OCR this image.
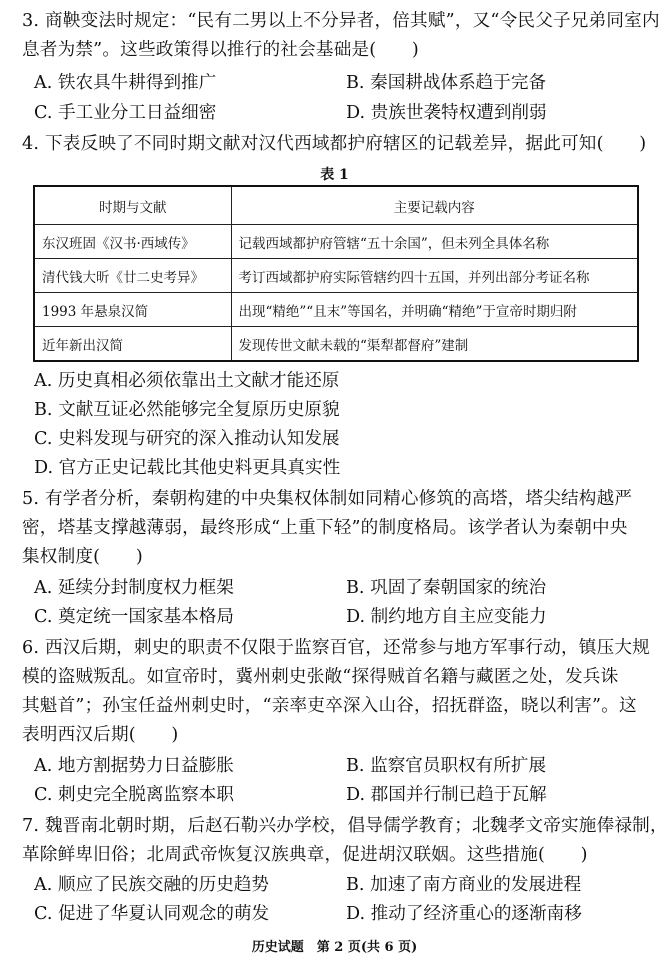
3. 商鞅变法时规定：“民有二男以上不分异者，倍其赋”，又“令民父子兄弟同室内
息者为禁”。这些政策得以推行的社会基础是(　　)
A. 铁农具牛耕得到推广	B. 秦国耕战体系趋于完备
C. 手工业分工日益细密	D. 贵族世袭特权遭到削弱
4. 下表反映了不同时期文献对汉代西域都护府辖区的记载差异，据此可知(　　)
表 1
时期与文献	主要记载内容
东汉班固《汉书·西域传》	记载西域都护府管辖“五十余国”，但未列全具体名称
清代钱大昕《廿二史考异》	考订西域都护府实际管辖约四十五国，并列出部分考证名称
1993 年悬泉汉简	出现“精绝”“且末”等国名，并明确“精绝”于宣帝时期归附
近年新出汉简	发现传世文献未载的“渠犁都督府”建制
A. 历史真相必须依靠出土文献才能还原
B. 文献互证必然能够完全复原历史原貌
C. 史料发现与研究的深入推动认知发展
D. 官方正史记载比其他史料更具真实性
5. 有学者分析，秦朝构建的中央集权体制如同精心修筑的高塔，塔尖结构越严
密，塔基支撑越薄弱，最终形成“上重下轻”的制度格局。该学者认为秦朝中央
集权制度(　　)
A. 延续分封制度权力框架	B. 巩固了秦朝国家的统治
C. 奠定统一国家基本格局	D. 制约地方自主应变能力
6. 西汉后期，刺史的职责不仅限于监察百官，还常参与地方军事行动，镇压大规
模的盗贼叛乱。如宣帝时，冀州刺史张敞“探得贼首名籍与藏匿之处，发兵诛
其魁首”；孙宝任益州刺史时，“亲率吏卒深入山谷，招抚群盗，晓以利害”。这
表明西汉后期(　　)
A. 地方割据势力日益膨胀	B. 监察官员职权有所扩展
C. 刺史完全脱离监察本职	D. 郡国并行制已趋于瓦解
7. 魏晋南北朝时期，后赵石勒兴办学校，倡导儒学教育；北魏孝文帝实施俸禄制，
革除鲜卑旧俗；北周武帝恢复汉族典章，促进胡汉联姻。这些措施(　　)
A. 顺应了民族交融的历史趋势	B. 加速了南方商业的发展进程
C. 促进了华夏认同观念的萌发	D. 推动了经济重心的逐渐南移
历史试题　第 2 页(共 6 页)
